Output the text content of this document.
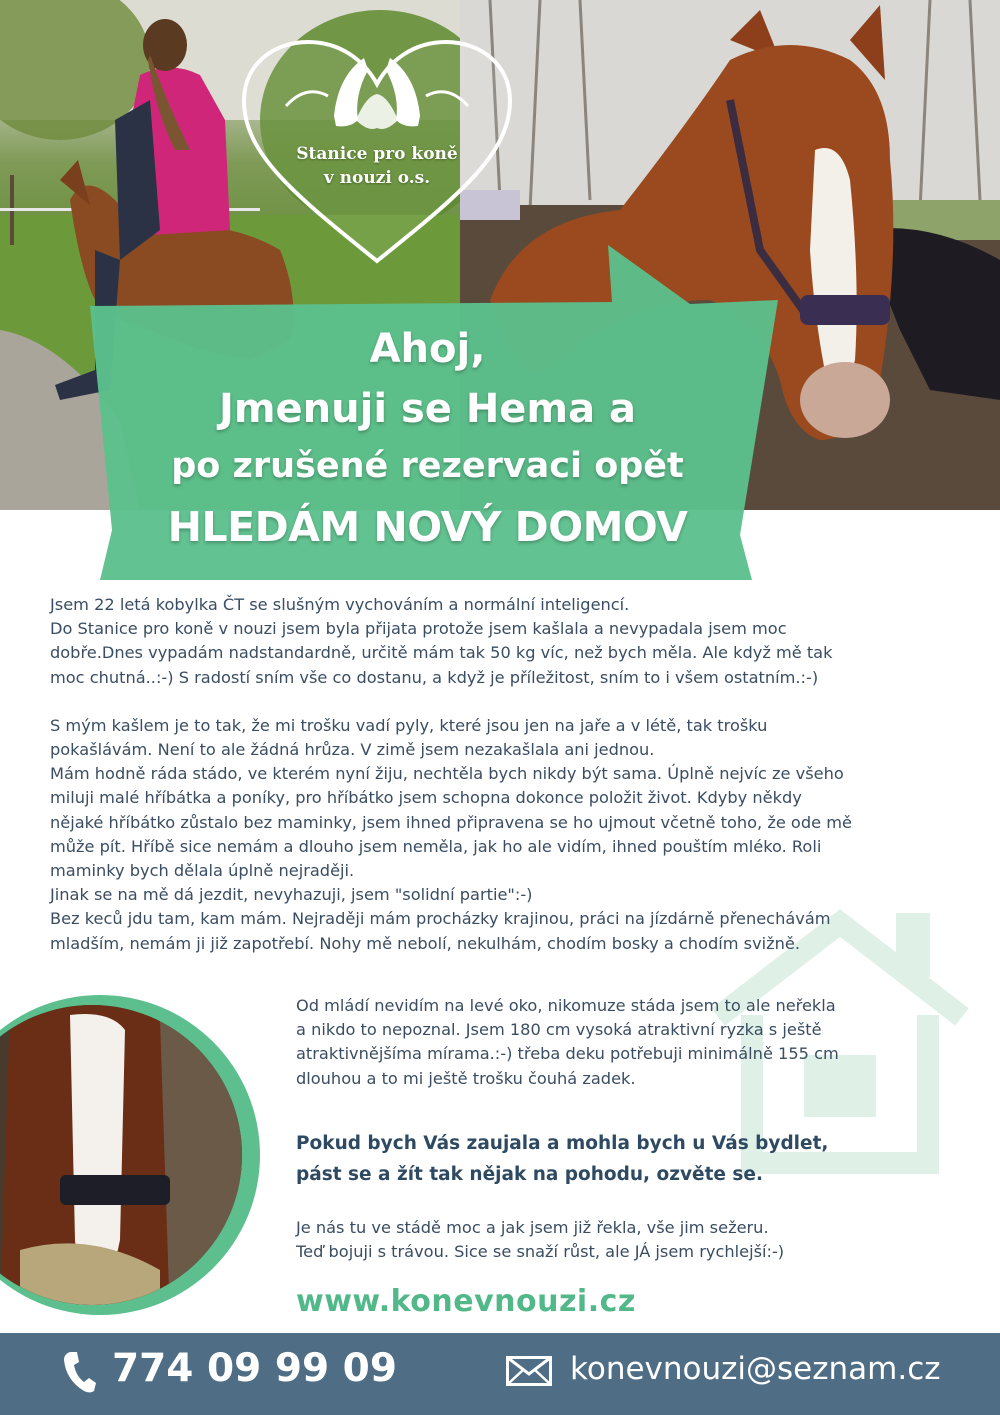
Ahoj,
Jmenuji se Hema a
po zrušené rezervaci opět
HLEDÁM NOVÝ DOMOV
Stanice pro koně
v nouzi o.s.

Jsem 22 letá kobylka ČT se slušným vychováním a normální inteligencí.

Do Stanice pro koně v nouzi jsem byla přijata protože jsem kašlala a nevypadala jsem moc

dobře.Dnes vypadám nadstandardně, určitě mám tak 50 kg víc, než bych měla. Ale když mě tak

moc chutná..:-) S radostí sním vše co dostanu, a když je příležitost, sním to i všem ostatním.:-)

S mým kašlem je to tak, že mi trošku vadí pyly, které jsou jen na jaře a v létě, tak trošku

pokašlávám. Není to ale žádná hrůza. V zimě jsem nezakašlala ani jednou.

Mám hodně ráda stádo, ve kterém nyní žiju, nechtěla bych nikdy být sama. Úplně nejvíc ze všeho

miluji malé hříbátka a poníky, pro hříbátko jsem schopna dokonce položit život. Kdyby někdy

nějaké hříbátko zůstalo bez maminky, jsem ihned připravena se ho ujmout včetně toho, že ode mě

může pít. Hříbě sice nemám a dlouho jsem neměla, jak ho ale vidím, ihned pouštím mléko. Roli

maminky bych dělala úplně nejraději.

Jinak se na mě dá jezdit, nevyhazuji, jsem "solidní partie":-)

Bez keců jdu tam, kam mám. Nejraději mám procházky krajinou, práci na jízdárně přenechávám

mladším, nemám ji již zapotřebí. Nohy mě nebolí, nekulhám, chodím bosky a chodím svižně.

Od mládí nevidím na levé oko, nikomuze stáda jsem to ale neřekla

a nikdo to nepoznal. Jsem 180 cm vysoká atraktivní ryzka s ještě

atraktivnějšíma mírama.:-) třeba deku potřebuji minimálně 155 cm

dlouhou a to mi ještě trošku čouhá zadek.

Pokud bych Vás zaujala a mohla bych u Vás bydlet,

pást se a žít tak nějak na pohodu, ozvěte se.

Je nás tu ve stádě moc a jak jsem již řekla, vše jim sežeru.

Teď bojuji s trávou. Sice se snaží růst, ale JÁ jsem rychlejší:-)

www.konevnouzi.cz
774 09 99 09	konevnouzi@seznam.cz
